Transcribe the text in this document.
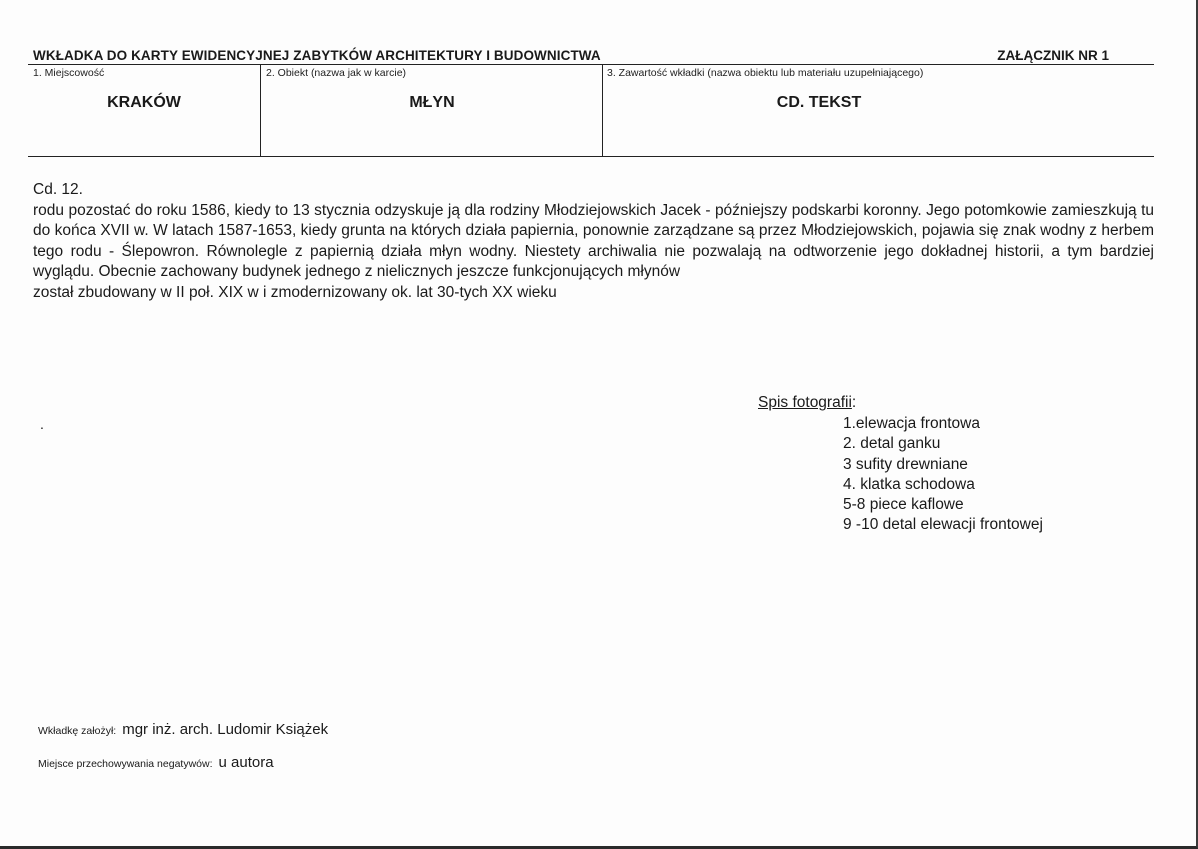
WKŁADKA DO KARTY EWIDENCYJNEJ ZABYTKÓW ARCHITEKTURY I BUDOWNICTWA	ZAŁĄCZNIK NR 1
1. Miejscowość
KRAKÓW
2. Obiekt (nazwa jak w karcie)
MŁYN
3. Zawartość wkładki (nazwa obiektu lub materiału uzupełniającego)
CD. TEKST

Cd. 12.

rodu pozostać do roku 1586, kiedy to 13 stycznia odzyskuje ją dla rodziny Młodziejowskich Jacek - późniejszy podskarbi koronny. Jego potomkowie zamieszkują tu do końca XVII w. W latach 1587-1653, kiedy grunta na których działa papiernia, ponownie zarządzane są przez Młodziejowskich, pojawia się znak wodny z herbem tego rodu - Ślepowron. Równolegle z papiernią działa młyn wodny. Niestety archiwalia nie pozwalają na odtworzenie jego dokładnej historii, a tym bardziej wyglądu. Obecnie zachowany budynek jednego z nielicznych jeszcze funkcjonujących młynów

został zbudowany w II poł. XIX w i zmodernizowany ok. lat 30-tych XX wieku

.
Spis fotografii:
1.elewacja frontowa
2. detal ganku
3 sufity drewniane
4. klatka schodowa
5-8 piece kaflowe
9 -10 detal elewacji frontowej
Wkładkę założył: mgr inż. arch. Ludomir Książek
Miejsce przechowywania negatywów: u autora
